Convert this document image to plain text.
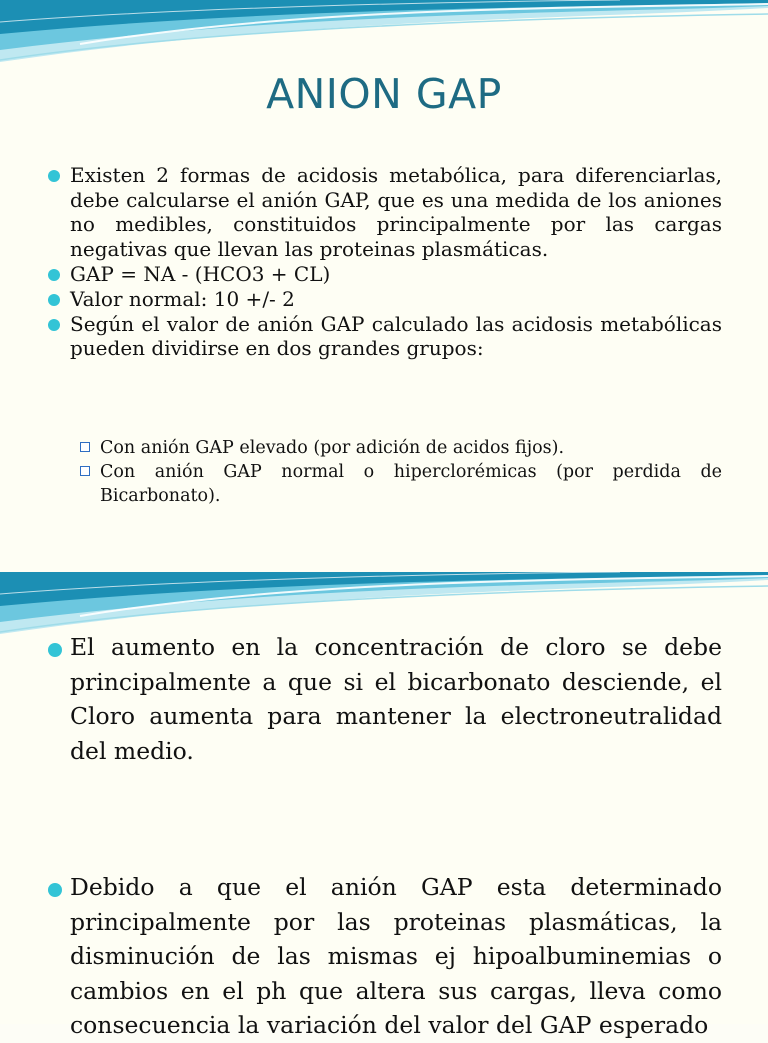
ANION GAP
Existen 2 formas de acidosis metabólica, para diferenciarlas, debe calcularse el anión GAP, que es una medida de los aniones no medibles, constituidos principalmente por las cargas negativas que llevan las proteinas plasmáticas.
GAP = NA - (HCO3 + CL)
Valor normal: 10 +/- 2
Según el valor de anión GAP calculado las acidosis metabólicas pueden dividirse en dos grandes grupos:
Con anión GAP elevado (por adición de acidos fijos).
Con anión GAP normal o hiperclorémicas (por perdida de Bicarbonato).
El aumento en la concentración de cloro se debe principalmente a que si el bicarbonato desciende, el Cloro aumenta para mantener la electroneutralidad del medio.
Debido a que el anión GAP esta determinado principalmente por las proteinas plasmáticas, la disminución de las mismas ej hipoalbuminemias o cambios en el ph que altera sus cargas, lleva como consecuencia la variación del valor del GAP esperado
